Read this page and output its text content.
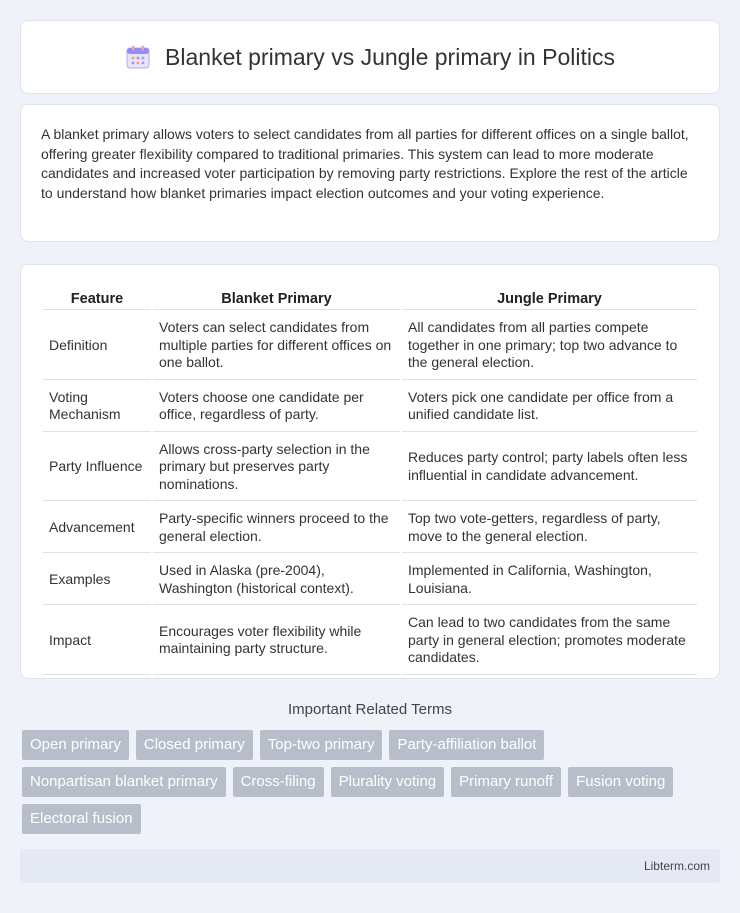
Blanket primary vs Jungle primary in Politics

A blanket primary allows voters to select candidates from all parties for different offices on a single ballot, offering greater flexibility compared to traditional primaries. This system can lead to more moderate candidates and increased voter participation by removing party restrictions. Explore the rest of the article to understand how blanket primaries impact election outcomes and your voting experience.

Feature	Blanket Primary	Jungle Primary
Definition	Voters can select candidates from multiple parties for different offices on one ballot.	All candidates from all parties compete together in one primary; top two advance to the general election.
Voting Mechanism	Voters choose one candidate per office, regardless of party.	Voters pick one candidate per office from a unified candidate list.
Party Influence	Allows cross-party selection in the primary but preserves party nominations.	Reduces party control; party labels often less influential in candidate advancement.
Advancement	Party-specific winners proceed to the general election.	Top two vote-getters, regardless of party, move to the general election.
Examples	Used in Alaska (pre-2004), Washington (historical context).	Implemented in California, Washington, Louisiana.
Impact	Encourages voter flexibility while maintaining party structure.	Can lead to two candidates from the same party in general election; promotes moderate candidates.
Important Related Terms
Open primary	Closed primary	Top-two primary	Party-affiliation ballot
Nonpartisan blanket primary	Cross-filing	Plurality voting	Primary runoff	Fusion voting
Electoral fusion
Libterm.com
